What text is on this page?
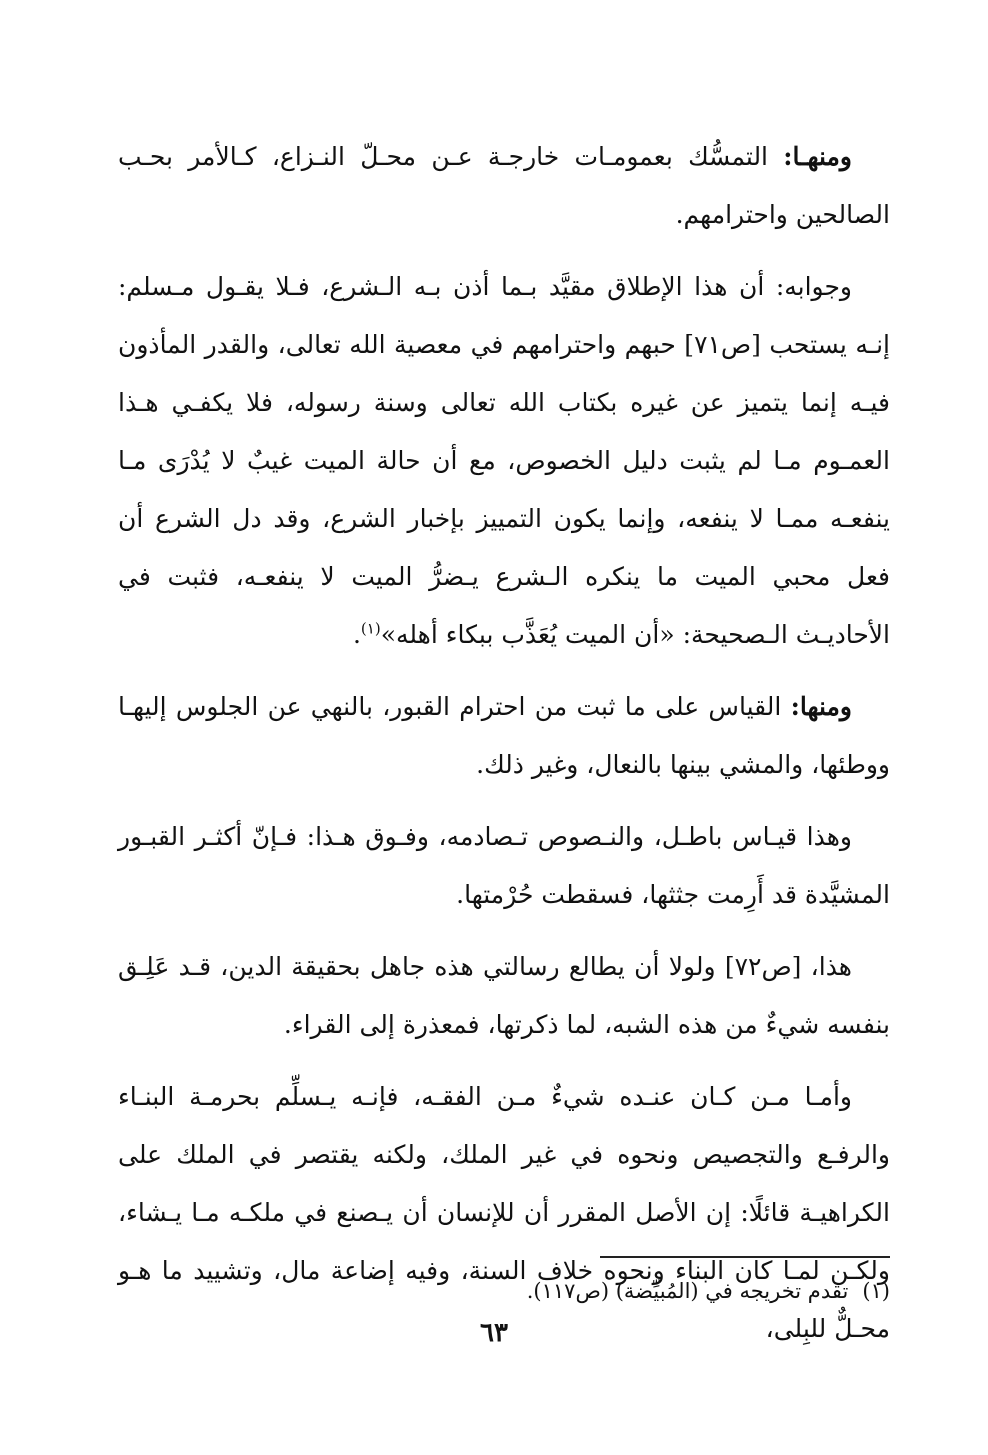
ومنهـا: التمسُّك بعمومـات خارجـة عـن محـلّ النـزاع، كـالأمر بحـب الصالحين واحترامهم.

وجوابه: أن هذا الإطلاق مقيَّد بـما أذن بـه الـشرع، فـلا يقـول مـسلم: إنـه يستحب [ص٧١] حبهم واحترامهم في معصية الله تعالى، والقدر المأذون فيـه إنما يتميز عن غيره بكتاب الله تعالى وسنة رسوله، فلا يكفـي هـذا العمـوم مـا لم يثبت دليل الخصوص، مع أن حالة الميت غيبٌ لا يُدْرَى مـا ينفعـه ممـا لا ينفعه، وإنما يكون التمييز بإخبار الشرع، وقد دل الشرع أن فعل محبي الميت ما ينكره الـشرع يـضرُّ الميت لا ينفعـه، فثبت في الأحاديـث الـصحيحة: «أن الميت يُعَذَّب ببكاء أهله»$^{(١)}$.

ومنها: القياس على ما ثبت من احترام القبور، بالنهي عن الجلوس إليهـا ووطئها، والمشي بينها بالنعال، وغير ذلك.

وهذا قيـاس باطـل، والنـصوص تـصادمه، وفـوق هـذا: فـإنّ أكثـر القبـور المشيَّدة قد أَرِمت جثثها، فسقطت حُرْمتها.

هذا، [ص٧٢] ولولا أن يطالع رسالتي هذه جاهل بحقيقة الدين، قـد عَلِـق بنفسه شيءٌ من هذه الشبه، لما ذكرتها، فمعذرة إلى القراء.

وأمـا مـن كـان عنـده شيءٌ مـن الفقـه، فإنـه يـسلِّم بحرمـة البنـاء والرفـع والتجصيص ونحوه في غير الملك، ولكنه يقتصر في الملك على الكراهيـة قائلًا: إن الأصل المقرر أن للإنسان أن يـصنع في ملكـه مـا يـشاء، ولكـن لمـا كان البناء ونحوه خلاف السنة، وفيه إضاعة مال، وتشييد ما هـو محـلٌّ للبِلى،

(١)تقدم تخريجه في (المُبيِّضة) (ص١١٧).
٦٣
